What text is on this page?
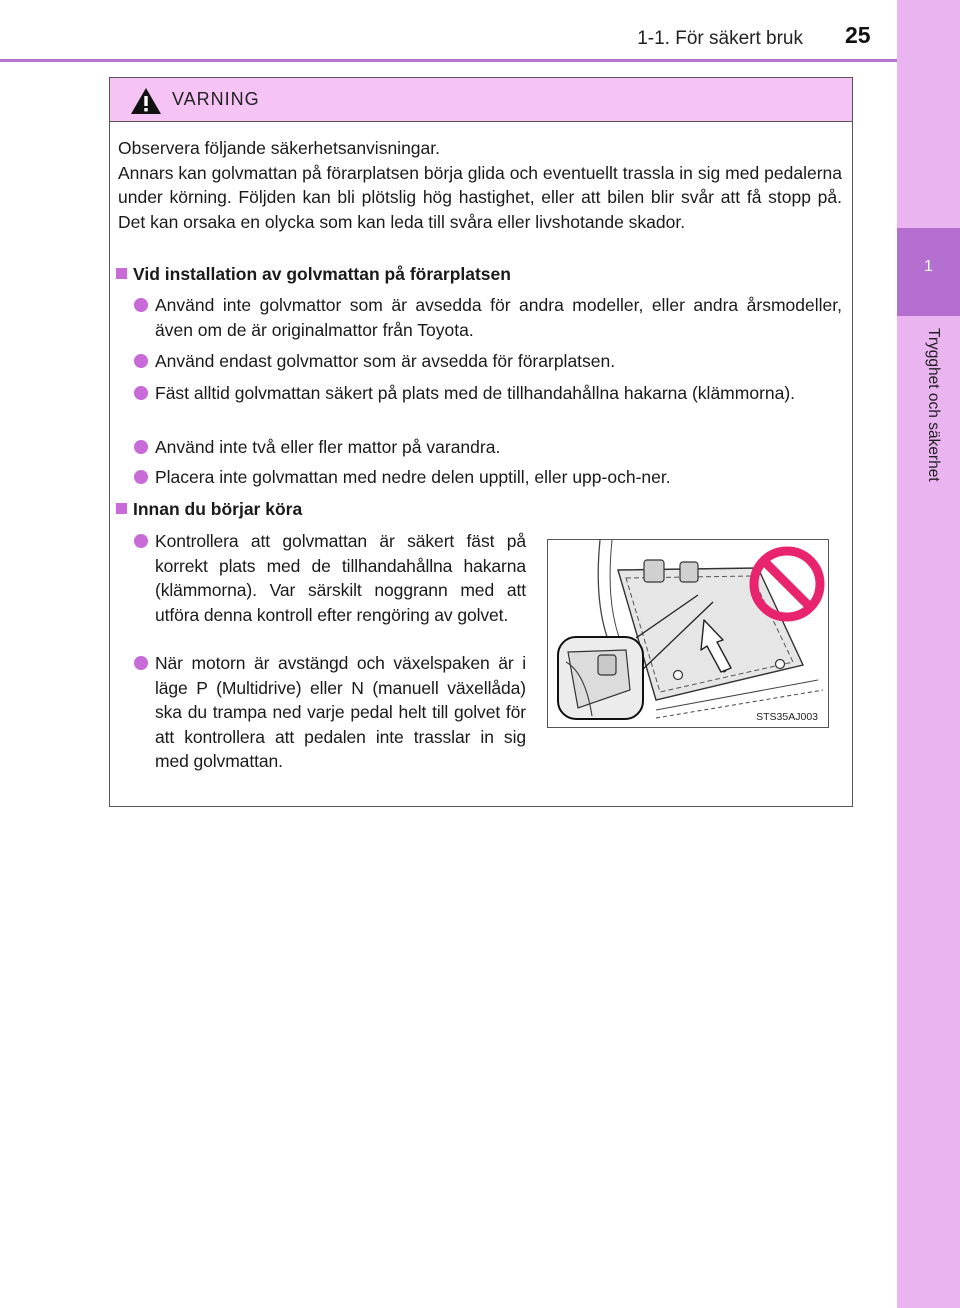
1-1. För säkert bruk 25
1
Trygghet och säkerhet
VARNING

Observera följande säkerhetsanvisningar.

Annars kan golvmattan på förarplatsen börja glida och eventuellt trassla in sig med pedalerna under körning. Följden kan bli plötslig hög hastighet, eller att bilen blir svår att få stopp på. Det kan orsaka en olycka som kan leda till svåra eller livshotande skador.

Vid installation av golvmattan på förarplatsen
Använd inte golvmattor som är avsedda för andra modeller, eller andra årsmodeller, även om de är originalmattor från Toyota.
Använd endast golvmattor som är avsedda för förarplatsen.
Fäst alltid golvmattan säkert på plats med de tillhandahållna hakarna (klämmorna).
Använd inte två eller fler mattor på varandra.
Placera inte golvmattan med nedre delen upptill, eller upp-och-ner.
Innan du börjar köra
Kontrollera att golvmattan är säkert fäst på korrekt plats med de tillhandahållna hakarna (klämmorna). Var särskilt noggrann med att utföra denna kontroll efter rengöring av golvet.
När motorn är avstängd och växelspaken är i läge P (Multidrive) eller N (manuell växellåda) ska du trampa ned varje pedal helt till golvet för att kontrollera att pedalen inte trasslar in sig med golvmattan.
STS35AJ003
